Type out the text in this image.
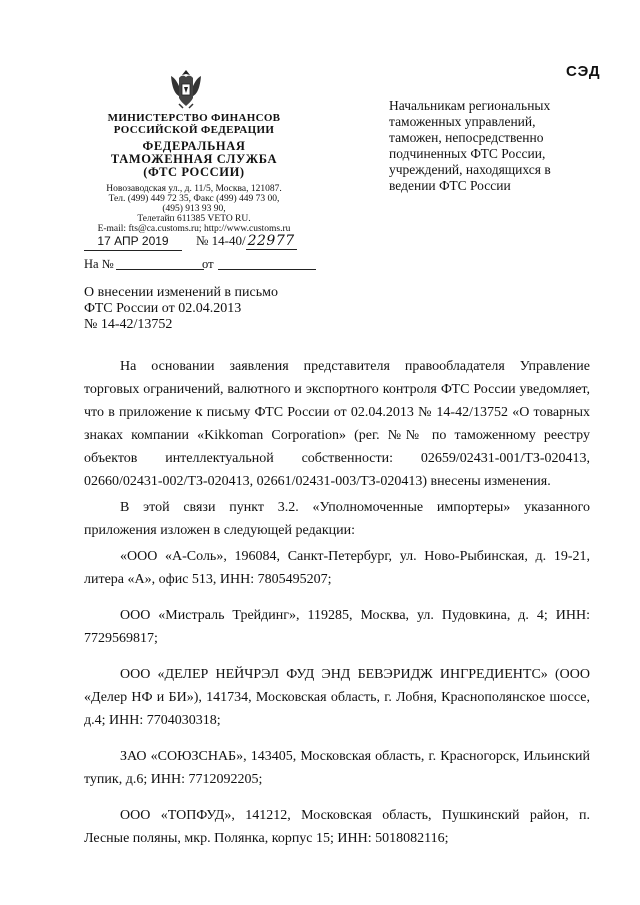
СЭД
МИНИСТЕРСТВО ФИНАНСОВ
РОССИЙСКОЙ ФЕДЕРАЦИИ
ФЕДЕРАЛЬНАЯ
ТАМОЖЕННАЯ СЛУЖБА
(ФТС РОССИИ)
Новозаводская ул., д. 11/5, Москва, 121087.
Тел. (499) 449 72 35, Факс (499) 449 73 00,
(495) 913 93 90,
Телетайп 611385 VETO RU.
E-mail: fts@ca.customs.ru; http://www.customs.ru
17 АПР 2019	№ 14-40/ 22977
На №	от
Начальникам региональных
таможенных управлений,
таможен, непосредственно
подчиненных ФТС России,
учреждений, находящихся в
ведении ФТС России
О внесении изменений в письмо
ФТС России от 02.04.2013
№ 14-42/13752

На основании заявления представителя правообладателя Управление торговых ограничений, валютного и экспортного контроля ФТС России уведомляет, что в приложение к письму ФТС России от 02.04.2013 № 14-42/13752 «О товарных знаках компании «Kikkoman Corporation» (рег. №№ по таможенному реестру объектов интеллектуальной собственности: 02659/02431-001/ТЗ-020413, 02660/02431-002/ТЗ-020413, 02661/02431-003/ТЗ-020413) внесены изменения.

В этой связи пункт 3.2. «Уполномоченные импортеры» указанного приложения изложен в следующей редакции:

«ООО «А-Соль», 196084, Санкт-Петербург, ул. Ново-Рыбинская, д. 19-21, литера «А», офис 513, ИНН: 7805495207;

ООО «Мистраль Трейдинг», 119285, Москва, ул. Пудовкина, д. 4; ИНН: 7729569817;

ООО «ДЕЛЕР НЕЙЧРЭЛ ФУД ЭНД БЕВЭРИДЖ ИНГРЕДИЕНТС» (ООО «Делер НФ и БИ»), 141734, Московская область, г. Лобня, Краснополянское шоссе, д.4; ИНН: 7704030318;

ЗАО «СОЮЗСНАБ», 143405, Московская область, г. Красногорск, Ильинский тупик, д.6; ИНН: 7712092205;

ООО «ТОПФУД», 141212, Московская область, Пушкинский район, п. Лесные поляны, мкр. Полянка, корпус 15; ИНН: 5018082116;
